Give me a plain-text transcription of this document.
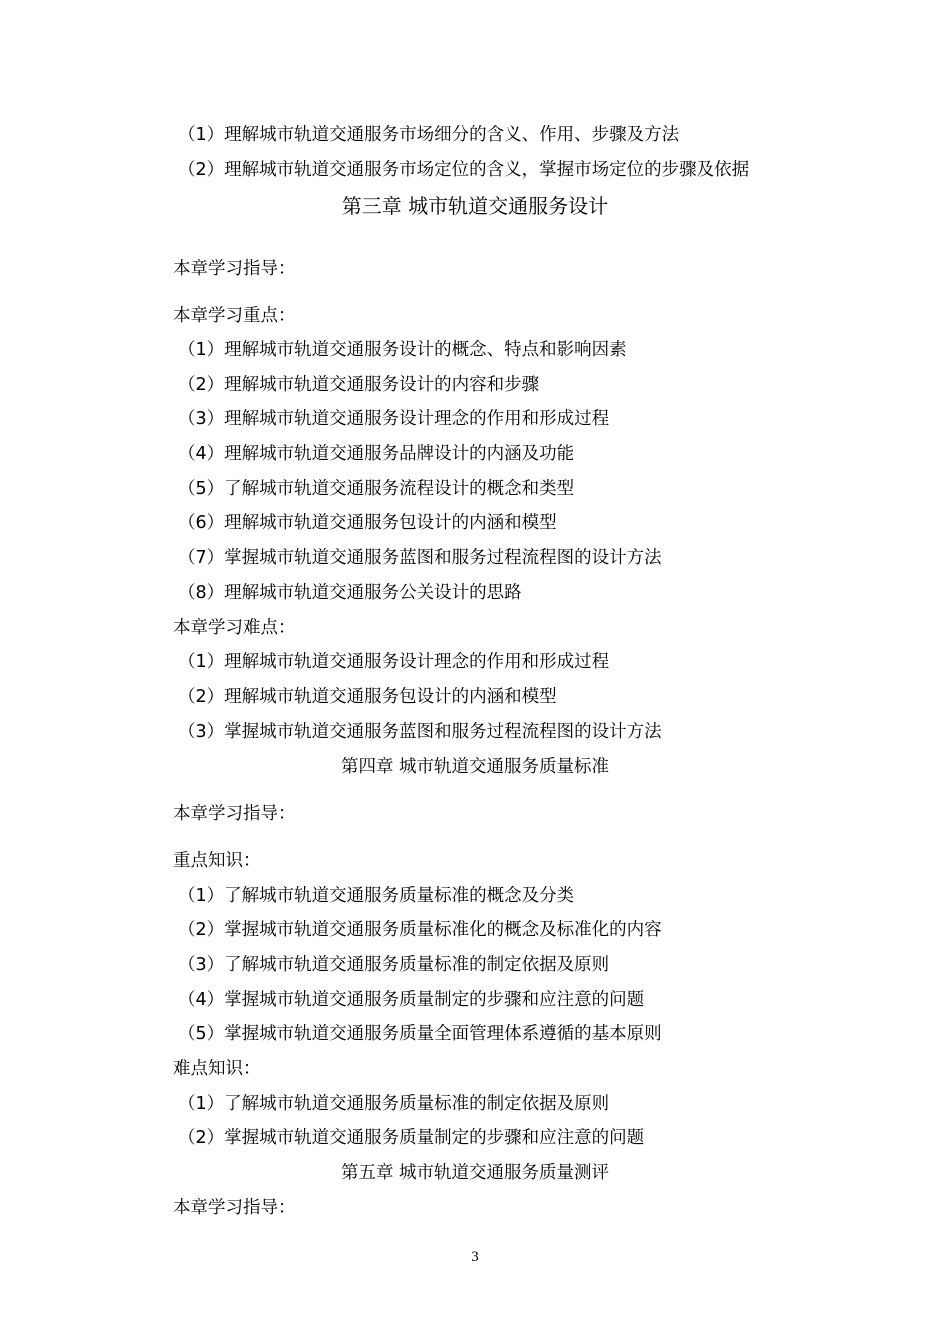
（1）理解城市轨道交通服务市场细分的含义、作用、步骤及方法
（2）理解城市轨道交通服务市场定位的含义，掌握市场定位的步骤及依据
第三章 城市轨道交通服务设计
本章学习指导：
本章学习重点：
（1）理解城市轨道交通服务设计的概念、特点和影响因素
（2）理解城市轨道交通服务设计的内容和步骤
（3）理解城市轨道交通服务设计理念的作用和形成过程
（4）理解城市轨道交通服务品牌设计的内涵及功能
（5）了解城市轨道交通服务流程设计的概念和类型
（6）理解城市轨道交通服务包设计的内涵和模型
（7）掌握城市轨道交通服务蓝图和服务过程流程图的设计方法
（8）理解城市轨道交通服务公关设计的思路
本章学习难点：
（1）理解城市轨道交通服务设计理念的作用和形成过程
（2）理解城市轨道交通服务包设计的内涵和模型
（3）掌握城市轨道交通服务蓝图和服务过程流程图的设计方法
第四章 城市轨道交通服务质量标准
本章学习指导：
重点知识：
（1）了解城市轨道交通服务质量标准的概念及分类
（2）掌握城市轨道交通服务质量标准化的概念及标准化的内容
（3）了解城市轨道交通服务质量标准的制定依据及原则
（4）掌握城市轨道交通服务质量制定的步骤和应注意的问题
（5）掌握城市轨道交通服务质量全面管理体系遵循的基本原则
难点知识：
（1）了解城市轨道交通服务质量标准的制定依据及原则
（2）掌握城市轨道交通服务质量制定的步骤和应注意的问题
第五章 城市轨道交通服务质量测评
本章学习指导：
3
